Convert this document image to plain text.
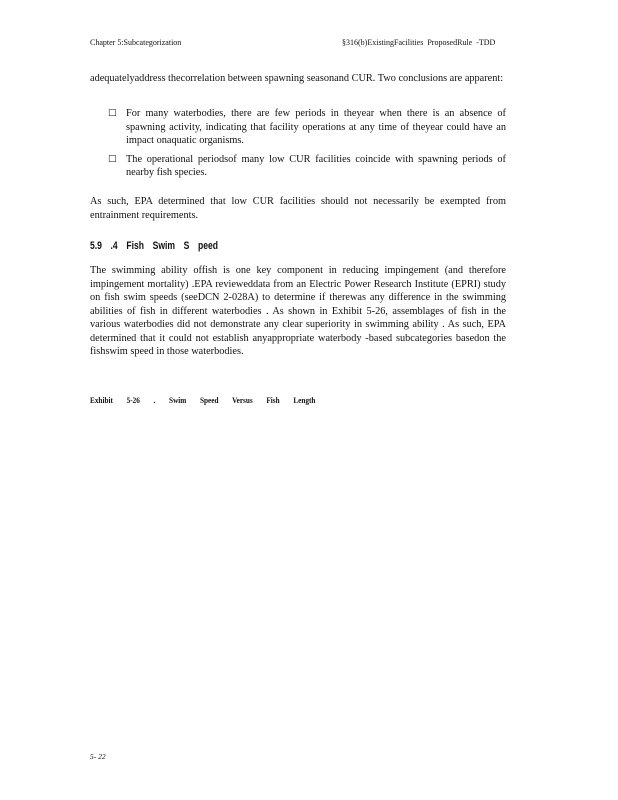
Chapter 5:Subcategorization	§316(b)ExistingFacilities ProposedRule -TDD
adequatelyaddress thecorrelation between spawning seasonand CUR. Two conclusions are apparent:
□ For many waterbodies, there are few periods in theyear when there is an absence of spawning activity, indicating that facility operations at any time of theyear could have an impact onaquatic organisms.
□ The operational periodsof many low CUR facilities coincide with spawning periods of nearby fish species.
As such, EPA determined that low CUR facilities should not necessarily be exempted from entrainment requirements.
5.9 .4 Fish Swim S peed
The swimming ability offish is one key component in reducing impingement (and therefore impingement mortality) .EPA revieweddata from an Electric Power Research Institute (EPRI) study on fish swim speeds (seeDCN 2-028A) to determine if therewas any difference in the swimming abilities of fish in different waterbodies . As shown in Exhibit 5-26, assemblages of fish in the various waterbodies did not demonstrate any clear superiority in swimming ability . As such, EPA determined that it could not establish anyappropriate waterbody -based subcategories basedon the fishswim speed in those waterbodies.
Exhibit 5-26 . Swim Speed Versus Fish Length
5- 22
